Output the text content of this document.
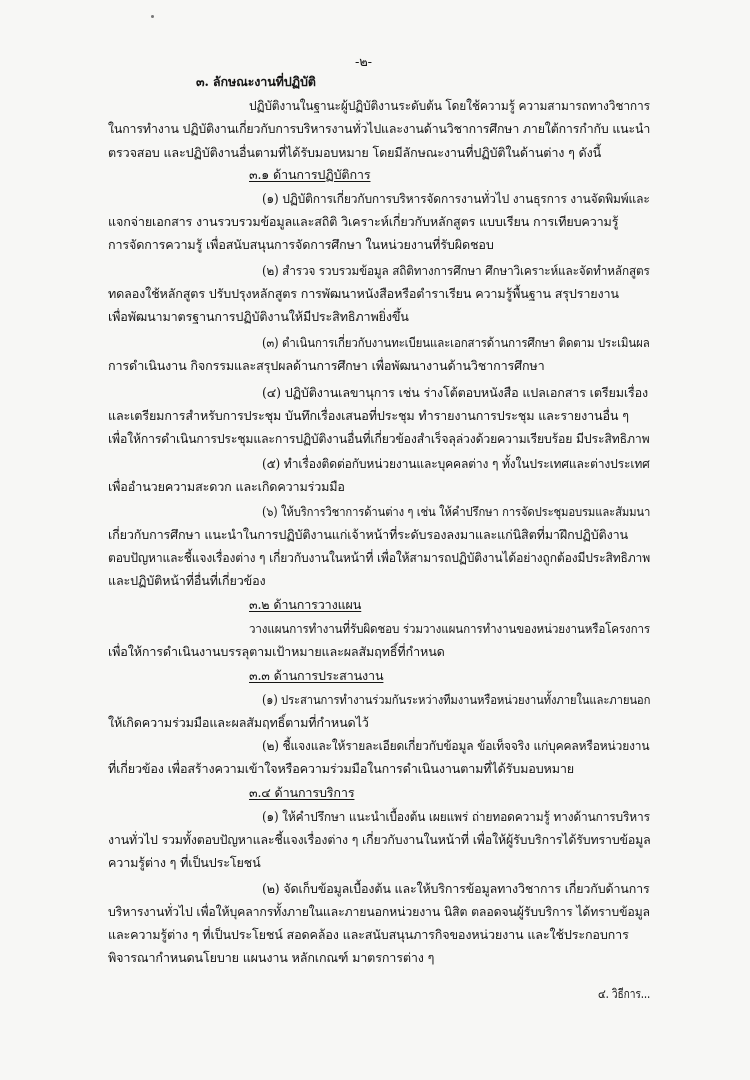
-๒-
๓. ลักษณะงานที่ปฏิบัติ
ปฏิบัติงานในฐานะผู้ปฏิบัติงานระดับต้น โดยใช้ความรู้ ความสามารถทางวิชาการ
ในการทำงาน ปฏิบัติงานเกี่ยวกับการบริหารงานทั่วไปและงานด้านวิชาการศึกษา ภายใต้การกำกับ แนะนำ
ตรวจสอบ และปฏิบัติงานอื่นตามที่ได้รับมอบหมาย โดยมีลักษณะงานที่ปฏิบัติในด้านต่าง ๆ ดังนี้
๓.๑ ด้านการปฏิบัติการ
(๑) ปฏิบัติการเกี่ยวกับการบริหารจัดการงานทั่วไป งานธุรการ งานจัดพิมพ์และ
แจกจ่ายเอกสาร งานรวบรวมข้อมูลและสถิติ วิเคราะห์เกี่ยวกับหลักสูตร แบบเรียน การเทียบความรู้
การจัดการความรู้ เพื่อสนับสนุนการจัดการศึกษา ในหน่วยงานที่รับผิดชอบ
(๒) สำรวจ รวบรวมข้อมูล สถิติทางการศึกษา ศึกษาวิเคราะห์และจัดทำหลักสูตร
ทดลองใช้หลักสูตร ปรับปรุงหลักสูตร การพัฒนาหนังสือหรือตำราเรียน ความรู้พื้นฐาน สรุปรายงาน
เพื่อพัฒนามาตรฐานการปฏิบัติงานให้มีประสิทธิภาพยิ่งขึ้น
(๓) ดำเนินการเกี่ยวกับงานทะเบียนและเอกสารด้านการศึกษา ติดตาม ประเมินผล
การดำเนินงาน กิจกรรมและสรุปผลด้านการศึกษา เพื่อพัฒนางานด้านวิชาการศึกษา
(๔) ปฏิบัติงานเลขานุการ เช่น ร่างโต้ตอบหนังสือ แปลเอกสาร เตรียมเรื่อง
และเตรียมการสำหรับการประชุม บันทึกเรื่องเสนอที่ประชุม ทำรายงานการประชุม และรายงานอื่น ๆ
เพื่อให้การดำเนินการประชุมและการปฏิบัติงานอื่นที่เกี่ยวข้องสำเร็จลุล่วงด้วยความเรียบร้อย มีประสิทธิภาพ
(๕) ทำเรื่องติดต่อกับหน่วยงานและบุคคลต่าง ๆ ทั้งในประเทศและต่างประเทศ
เพื่ออำนวยความสะดวก และเกิดความร่วมมือ
(๖) ให้บริการวิชาการด้านต่าง ๆ เช่น ให้คำปรึกษา การจัดประชุมอบรมและสัมมนา
เกี่ยวกับการศึกษา แนะนำในการปฏิบัติงานแก่เจ้าหน้าที่ระดับรองลงมาและแก่นิสิตที่มาฝึกปฏิบัติงาน
ตอบปัญหาและชี้แจงเรื่องต่าง ๆ เกี่ยวกับงานในหน้าที่ เพื่อให้สามารถปฏิบัติงานได้อย่างถูกต้องมีประสิทธิภาพ
และปฏิบัติหน้าที่อื่นที่เกี่ยวข้อง
๓.๒ ด้านการวางแผน
วางแผนการทำงานที่รับผิดชอบ ร่วมวางแผนการทำงานของหน่วยงานหรือโครงการ
เพื่อให้การดำเนินงานบรรลุตามเป้าหมายและผลสัมฤทธิ์ที่กำหนด
๓.๓ ด้านการประสานงาน
(๑) ประสานการทำงานร่วมกันระหว่างทีมงานหรือหน่วยงานทั้งภายในและภายนอก
ให้เกิดความร่วมมือและผลสัมฤทธิ์ตามที่กำหนดไว้
(๒) ชี้แจงและให้รายละเอียดเกี่ยวกับข้อมูล ข้อเท็จจริง แก่บุคคลหรือหน่วยงาน
ที่เกี่ยวข้อง เพื่อสร้างความเข้าใจหรือความร่วมมือในการดำเนินงานตามที่ได้รับมอบหมาย
๓.๔ ด้านการบริการ
(๑) ให้คำปรึกษา แนะนำเบื้องต้น เผยแพร่ ถ่ายทอดความรู้ ทางด้านการบริหาร
งานทั่วไป รวมทั้งตอบปัญหาและชี้แจงเรื่องต่าง ๆ เกี่ยวกับงานในหน้าที่ เพื่อให้ผู้รับบริการได้รับทราบข้อมูล
ความรู้ต่าง ๆ ที่เป็นประโยชน์
(๒) จัดเก็บข้อมูลเบื้องต้น และให้บริการข้อมูลทางวิชาการ เกี่ยวกับด้านการ
บริหารงานทั่วไป เพื่อให้บุคลากรทั้งภายในและภายนอกหน่วยงาน นิสิต ตลอดจนผู้รับบริการ ได้ทราบข้อมูล
และความรู้ต่าง ๆ ที่เป็นประโยชน์ สอดคล้อง และสนับสนุนภารกิจของหน่วยงาน และใช้ประกอบการ
พิจารณากำหนดนโยบาย แผนงาน หลักเกณฑ์ มาตรการต่าง ๆ
๔. วิธีการ...
